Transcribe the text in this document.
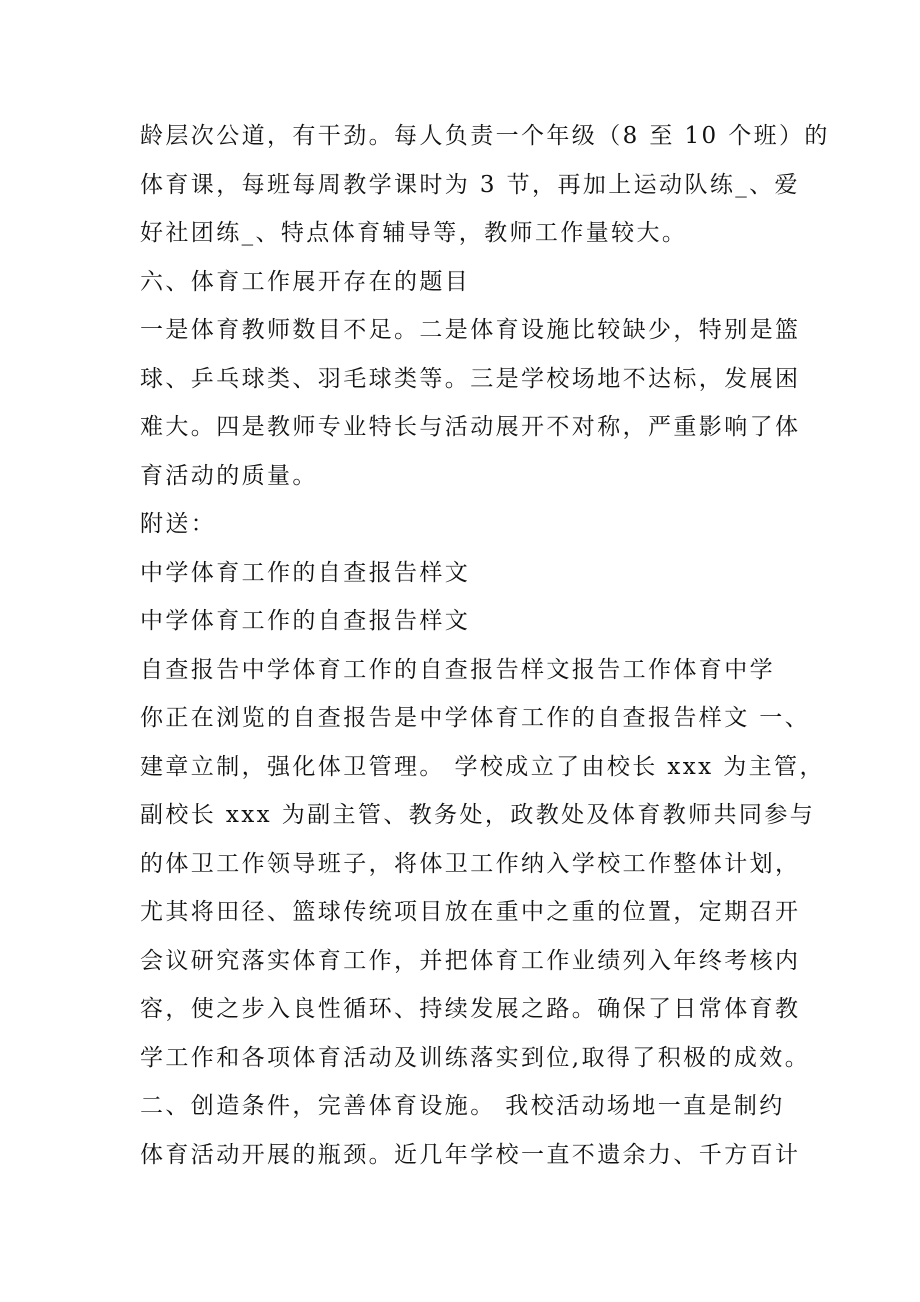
龄层次公道，有干劲。每人负责一个年级（8 至 10 个班）的
体育课，每班每周教学课时为 3 节，再加上运动队练_、爱
好社团练_、特点体育辅导等，教师工作量较大。
六、体育工作展开存在的题目
一是体育教师数目不足。二是体育设施比较缺少，特别是篮
球、乒乓球类、羽毛球类等。三是学校场地不达标，发展困
难大。四是教师专业特长与活动展开不对称，严重影响了体
育活动的质量。
附送：
中学体育工作的自查报告样文
中学体育工作的自查报告样文
自查报告中学体育工作的自查报告样文报告工作体育中学
你正在浏览的自查报告是中学体育工作的自查报告样文 一、
建章立制，强化体卫管理。 学校成立了由校长 xxx 为主管，
副校长 xxx 为副主管、教务处，政教处及体育教师共同参与
的体卫工作领导班子，将体卫工作纳入学校工作整体计划，
尤其将田径、篮球传统项目放在重中之重的位置，定期召开
会议研究落实体育工作，并把体育工作业绩列入年终考核内
容，使之步入良性循环、持续发展之路。确保了日常体育教
学工作和各项体育活动及训练落实到位,取得了积极的成效。
二、创造条件，完善体育设施。 我校活动场地一直是制约
体育活动开展的瓶颈。近几年学校一直不遗余力、千方百计
